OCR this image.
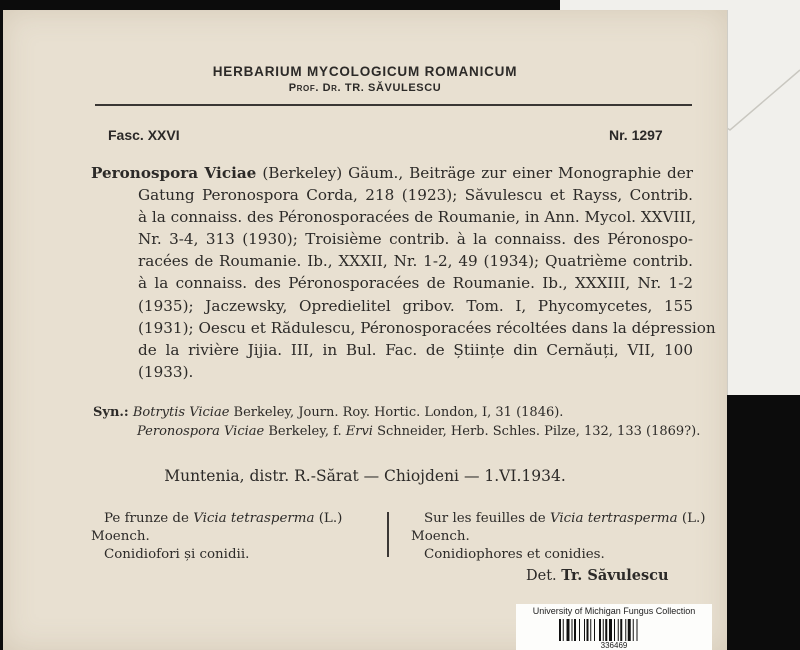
HERBARIUM MYCOLOGICUM ROMANICUM
Prof. Dr. TR. SĂVULESCU
Fasc. XXVI	Nr. 1297
Peronospora Viciae (Berkeley) Gäum., Beiträge zur einer Monographie der
Gatung Peronospora Corda, 218 (1923); Săvulescu et Rayss, Contrib.
à la connaiss. des Péronosporacées de Roumanie, in Ann. Mycol. XXVIII,
Nr. 3-4, 313 (1930); Troisième contrib. à la connaiss. des Péronospo-
racées de Roumanie. Ib., XXXII, Nr. 1-2, 49 (1934); Quatrième contrib.
à la connaiss. des Péronosporacées de Roumanie. Ib., XXXIII, Nr. 1-2
(1935); Jaczewsky, Opredielitel gribov. Tom. I, Phycomycetes, 155
(1931); Oescu et Rădulescu, Péronosporacées récoltées dans la dépression
de la rivière Jijia. III, in Bul. Fac. de Științe din Cernăuți, VII, 100
(1933).
Syn.: Botrytis Viciae Berkeley, Journ. Roy. Hortic. London, I, 31 (1846).
Peronospora Viciae Berkeley, f. Ervi Schneider, Herb. Schles. Pilze, 132, 133 (1869?).
Muntenia, distr. R.-Sărat — Chiojdeni — 1.VI.1934.
Pe frunze de Vicia tetrasperma (L.)
Moench.
Conidiofori și conidii.
Sur les feuilles de Vicia tertrasperma (L.)
Moench.
Conidiophores et conidies.
Det. Tr. Săvulescu
University of Michigan Fungus Collection
336469
